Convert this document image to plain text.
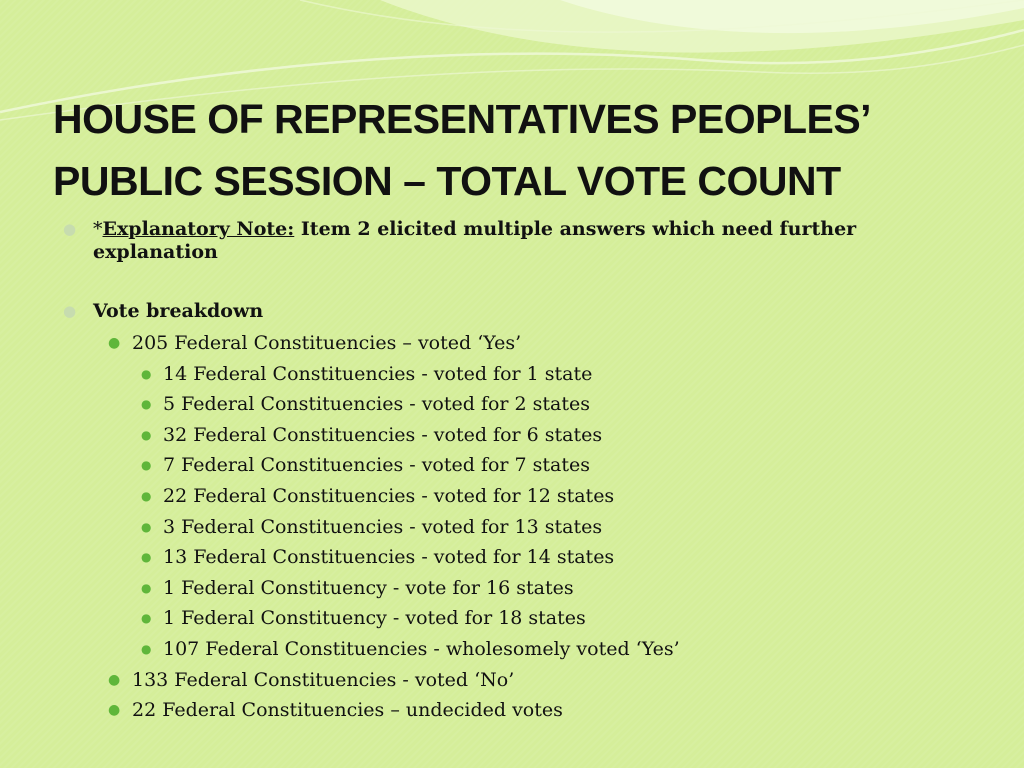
HOUSE OF REPRESENTATIVES PEOPLES’
PUBLIC SESSION – TOTAL VOTE COUNT
● *Explanatory Note: Item 2 elicited multiple answers which need further explanation
● Vote breakdown
● 205 Federal Constituencies – voted ‘Yes’
● 14 Federal Constituencies - voted for 1 state
● 5 Federal Constituencies - voted for 2 states
● 32 Federal Constituencies - voted for 6 states
● 7 Federal Constituencies - voted for 7 states
● 22 Federal Constituencies - voted for 12 states
● 3 Federal Constituencies - voted for 13 states
● 13 Federal Constituencies - voted for 14 states
● 1 Federal Constituency - vote for 16 states
● 1 Federal Constituency - voted for 18 states
● 107 Federal Constituencies - wholesomely voted ‘Yes’
● 133 Federal Constituencies - voted ‘No’
● 22 Federal Constituencies – undecided votes
